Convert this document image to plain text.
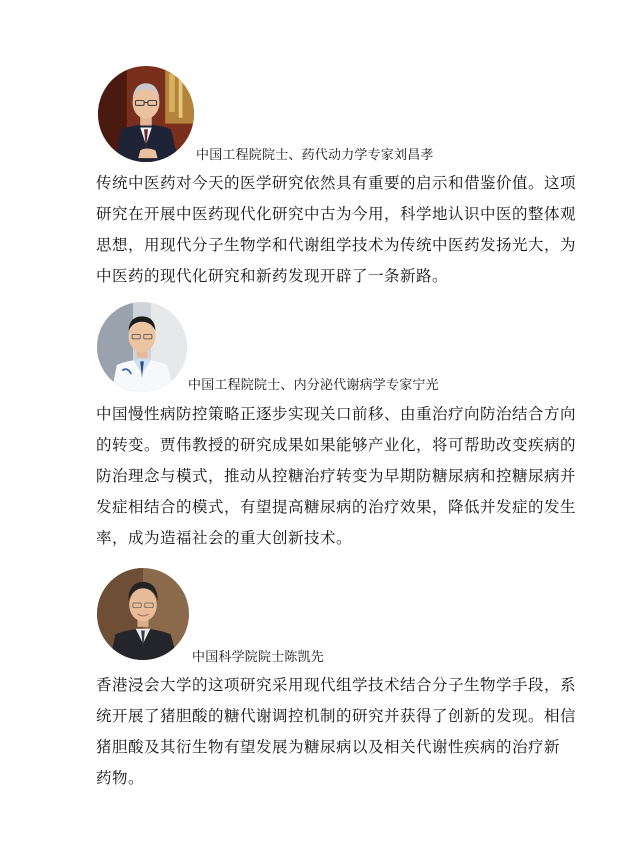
中国工程院院士、药代动力学专家刘昌孝

传统中医药对今天的医学研究依然具有重要的启示和借鉴价值。这项
研究在开展中医药现代化研究中古为今用，科学地认识中医的整体观
思想，用现代分子生物学和代谢组学技术为传统中医药发扬光大，为
中医药的现代化研究和新药发现开辟了一条新路。

中国工程院院士、内分泌代谢病学专家宁光

中国慢性病防控策略正逐步实现关口前移、由重治疗向防治结合方向
的转变。贾伟教授的研究成果如果能够产业化，将可帮助改变疾病的
防治理念与模式，推动从控糖治疗转变为早期防糖尿病和控糖尿病并
发症相结合的模式，有望提高糖尿病的治疗效果，降低并发症的发生
率，成为造福社会的重大创新技术。

中国科学院院士陈凯先

香港浸会大学的这项研究采用现代组学技术结合分子生物学手段，系
统开展了猪胆酸的糖代谢调控机制的研究并获得了创新的发现。相信
猪胆酸及其衍生物有望发展为糖尿病以及相关代谢性疾病的治疗新
药物。
